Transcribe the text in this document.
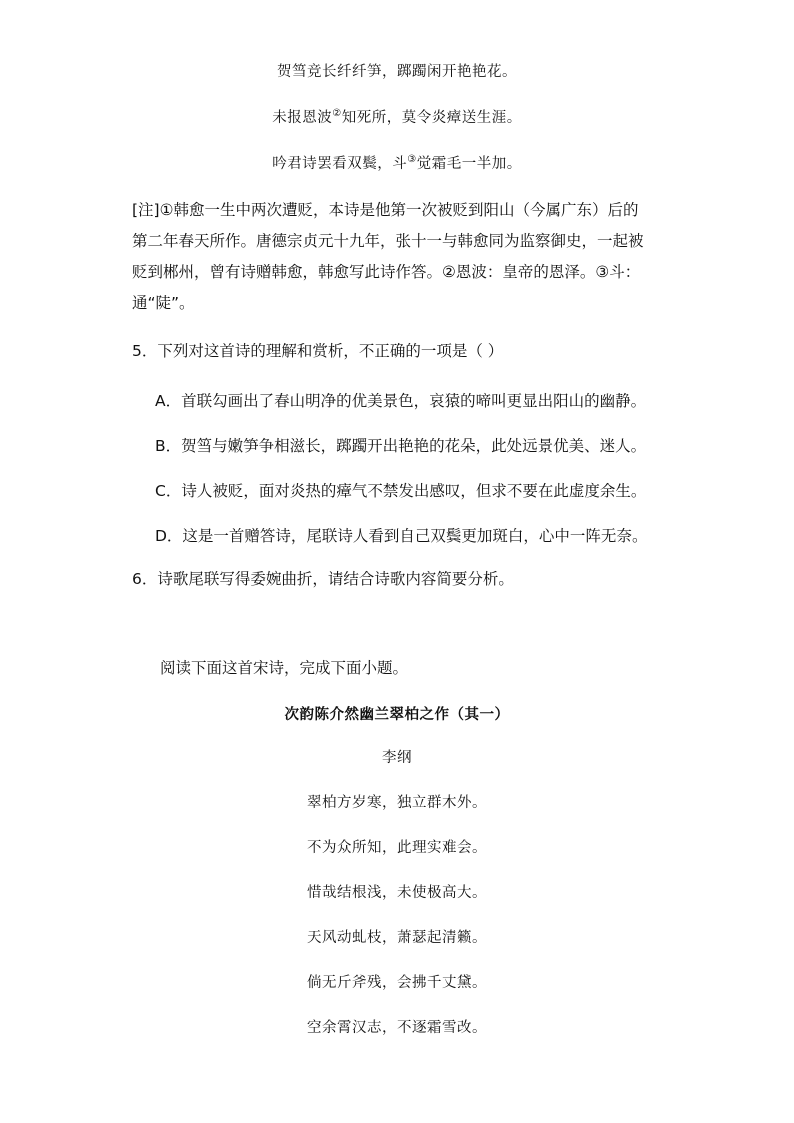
贺筜竞长纤纤笋，踯躅闲开艳艳花。
未报恩波②知死所，莫令炎瘴送生涯。
吟君诗罢看双鬓，斗③觉霜毛一半加。
[注]①韩愈一生中两次遭贬，本诗是他第一次被贬到阳山（今属广东）后的
第二年春天所作。唐德宗贞元十九年，张十一与韩愈同为监察御史，一起被
贬到郴州，曾有诗赠韩愈，韩愈写此诗作答。②恩波：皇帝的恩泽。③斗：
通“陡”。
5．下列对这首诗的理解和赏析，不正确的一项是（ ）
A．首联勾画出了春山明净的优美景色，哀猿的啼叫更显出阳山的幽静。
B．贺筜与嫩笋争相滋长，踯躅开出艳艳的花朵，此处远景优美、迷人。
C．诗人被贬，面对炎热的瘴气不禁发出感叹，但求不要在此虚度余生。
D．这是一首赠答诗，尾联诗人看到自己双鬓更加斑白，心中一阵无奈。
6．诗歌尾联写得委婉曲折，请结合诗歌内容简要分析。
阅读下面这首宋诗，完成下面小题。
次韵陈介然幽兰翠柏之作（其一）
李纲
翠柏方岁寒，独立群木外。
不为众所知，此理实难会。
惜哉结根浅，未使极高大。
天风动虬枝，萧瑟起清籁。
倘无斤斧残，会拂千丈黛。
空余霄汉志，不逐霜雪改。
